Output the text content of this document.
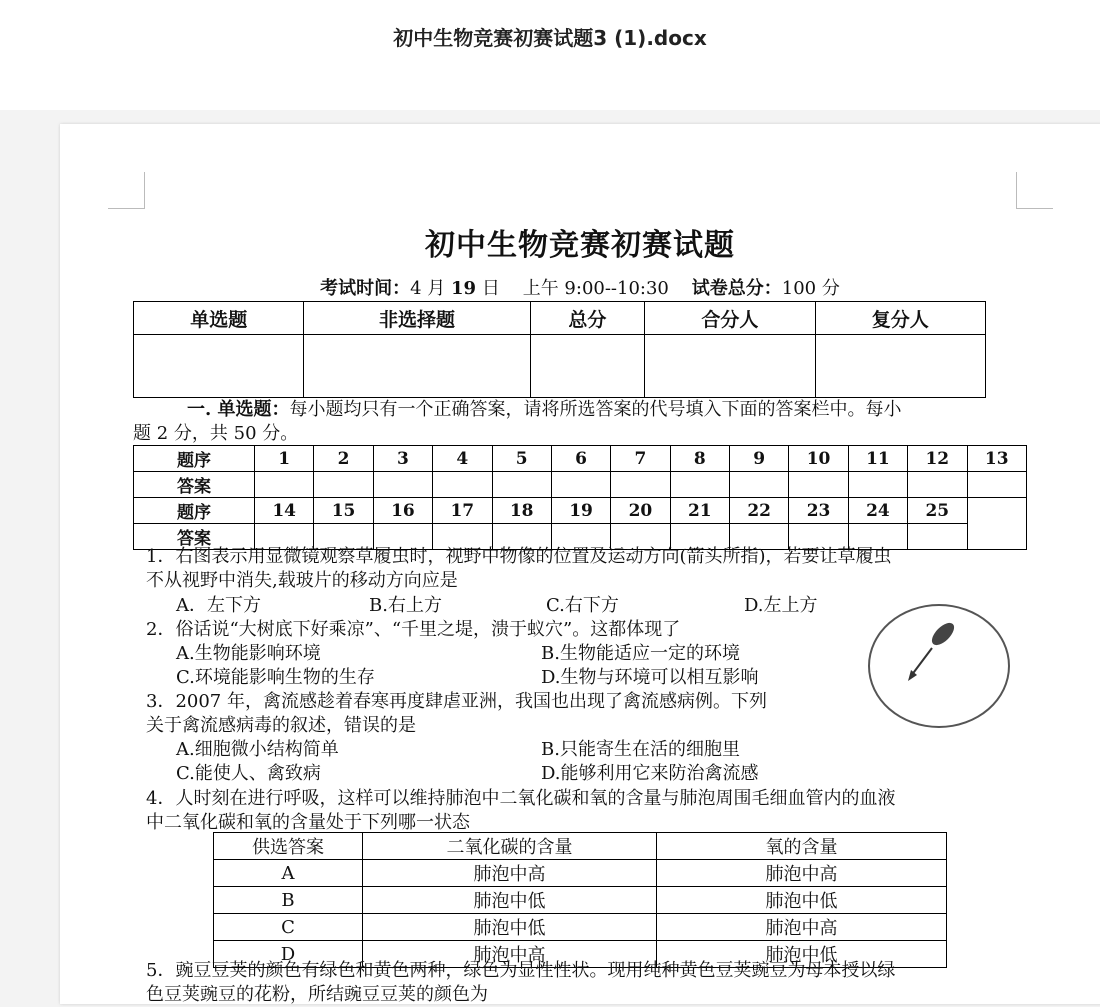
初中生物竞赛初赛试题3 (1).docx
初中生物竞赛初赛试题
考试时间：4 月 19 日    上午 9:00--10:30    试卷总分：100 分
单选题	非选择题	总分	合分人	复分人

一. 单选题：每小题均只有一个正确答案，请将所选答案的代号填入下面的答案栏中。每小
题 2 分，共 50 分。
题序	1	2	3	4	5	6	7	8	9	10	11	12	13
答案													
题序	14	15	16	17	18	19	20	21	22	23	24	25	
答案													
1．右图表示用显微镜观察草履虫时，视野中物像的位置及运动方向(箭头所指)，若要让草履虫
不从视野中消失,载玻片的移动方向应是
A．左下方	B.右上方	C.右下方	D.左上方
2．俗话说“大树底下好乘凉”、“千里之堤，溃于蚁穴”。这都体现了
A.生物能影响环境	B.生物能适应一定的环境
C.环境能影响生物的生存	D.生物与环境可以相互影响
3．2007 年，禽流感趁着春寒再度肆虐亚洲，我国也出现了禽流感病例。下列
关于禽流感病毒的叙述，错误的是
A.细胞微小结构简单	B.只能寄生在活的细胞里
C.能使人、禽致病	D.能够利用它来防治禽流感
4．人时刻在进行呼吸，这样可以维持肺泡中二氧化碳和氧的含量与肺泡周围毛细血管内的血液
中二氧化碳和氧的含量处于下列哪一状态
供选答案	二氧化碳的含量	氧的含量
A	肺泡中高	肺泡中高
B	肺泡中低	肺泡中低
C	肺泡中低	肺泡中高
D	肺泡中高	肺泡中低
5．豌豆豆荚的颜色有绿色和黄色两种，绿色为显性性状。现用纯种黄色豆荚豌豆为母本授以绿
色豆荚豌豆的花粉，所结豌豆豆荚的颜色为
